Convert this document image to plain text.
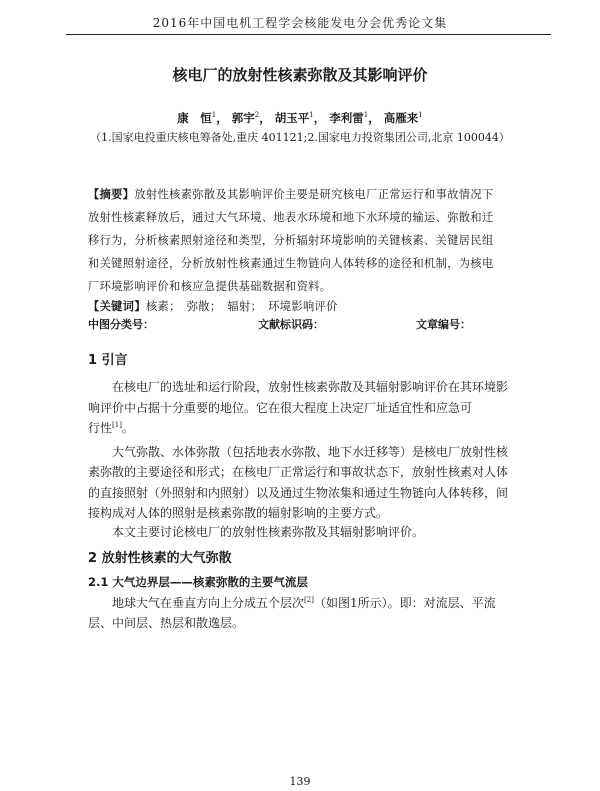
2016年中国电机工程学会核能发电分会优秀论文集
核电厂的放射性核素弥散及其影响评价
康　恒$^1$， 郭宇$^2$， 胡玉平$^1$， 李利雷$^1$， 高雁来$^1$
（1.国家电投重庆核电筹备处,重庆 401121;2.国家电力投资集团公司,北京 100044）
【摘要】放射性核素弥散及其影响评价主要是研究核电厂正常运行和事故情况下
放射性核素释放后，通过大气环境、地表水环境和地下水环境的输运、弥散和迁
移行为，分析核素照射途径和类型，分析辐射环境影响的关键核素、关键居民组
和关键照射途径，分析放射性核素通过生物链向人体转移的途径和机制，为核电
厂环境影响评价和核应急提供基础数据和资料。
【关键词】核素；　弥散；　辐射；　环境影响评价
中图分类号：	文献标识码：	文章编号：
1 引言
在核电厂的选址和运行阶段，放射性核素弥散及其辐射影响评价在其环境影
响评价中占据十分重要的地位。它在很大程度上决定厂址适宜性和应急可
行性[1]。
大气弥散、水体弥散（包括地表水弥散、地下水迁移等）是核电厂放射性核
素弥散的主要途径和形式；在核电厂正常运行和事故状态下，放射性核素对人体
的直接照射（外照射和内照射）以及通过生物浓集和通过生物链向人体转移，间
接构成对人体的照射是核素弥散的辐射影响的主要方式。
本文主要讨论核电厂的放射性核素弥散及其辐射影响评价。
2 放射性核素的大气弥散
2.1 大气边界层——核素弥散的主要气流层
地球大气在垂直方向上分成五个层次[2]（如图1所示）。即：对流层、平流
层、中间层、热层和散逸层。
139
